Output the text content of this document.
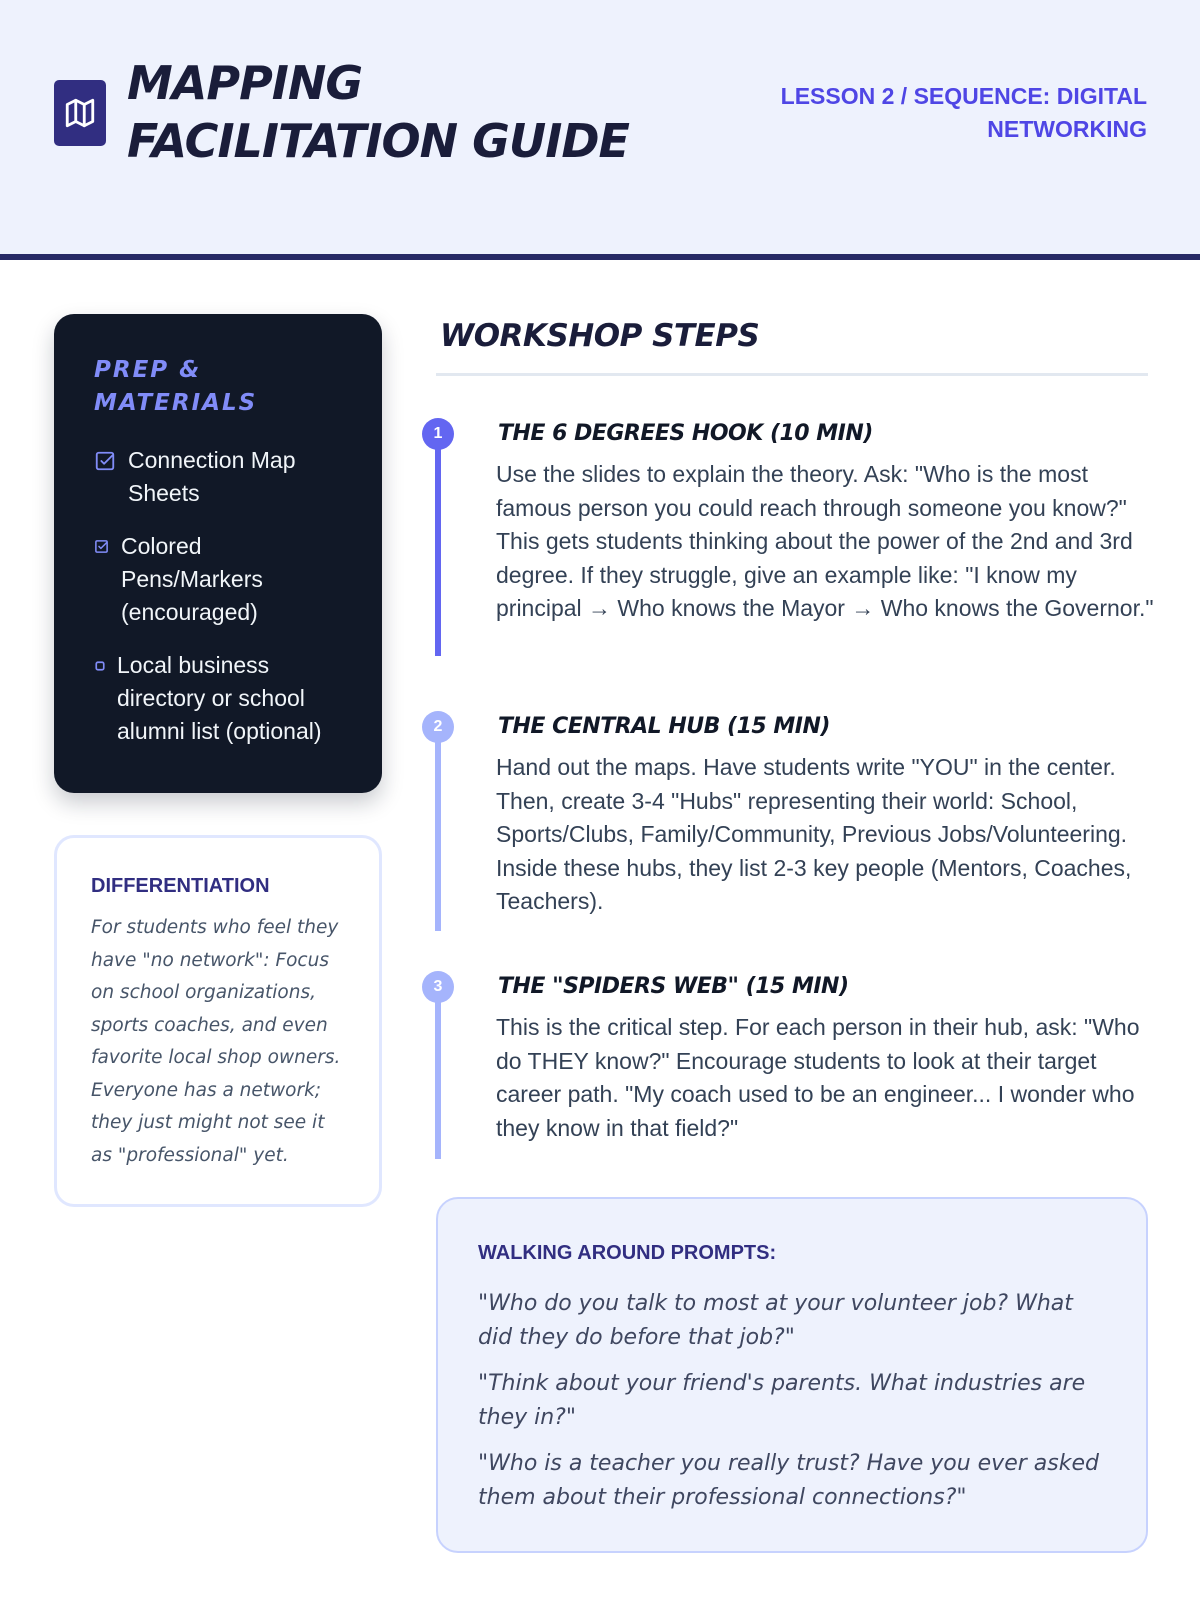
MAPPING
FACILITATION GUIDE
LESSON 2 / SEQUENCE: DIGITAL NETWORKING
PREP & MATERIALS
Connection Map Sheets
Colored Pens/Markers (encouraged)
Local business directory or school alumni list (optional)
DIFFERENTIATION

For students who feel they have "no network": Focus on school organizations, sports coaches, and even favorite local shop owners. Everyone has a network; they just might not see it as "professional" yet.

WORKSHOP STEPS
1	THE 6 DEGREES HOOK (10 MIN)

Use the slides to explain the theory. Ask: "Who is the most famous person you could reach through someone you know?" This gets students thinking about the power of the 2nd and 3rd degree. If they struggle, give an example like: "I know my principal → Who knows the Mayor → Who knows the Governor."

2	THE CENTRAL HUB (15 MIN)

Hand out the maps. Have students write "YOU" in the center. Then, create 3-4 "Hubs" representing their world: School, Sports/Clubs, Family/Community, Previous Jobs/Volunteering. Inside these hubs, they list 2-3 key people (Mentors, Coaches, Teachers).

3	THE "SPIDERS WEB" (15 MIN)

This is the critical step. For each person in their hub, ask: "Who do THEY know?" Encourage students to look at their target career path. "My coach used to be an engineer... I wonder who they know in that field?"

WALKING AROUND PROMPTS:
"Who do you talk to most at your volunteer job? What did they do before that job?"
"Think about your friend's parents. What industries are they in?"
"Who is a teacher you really trust? Have you ever asked them about their professional connections?"
